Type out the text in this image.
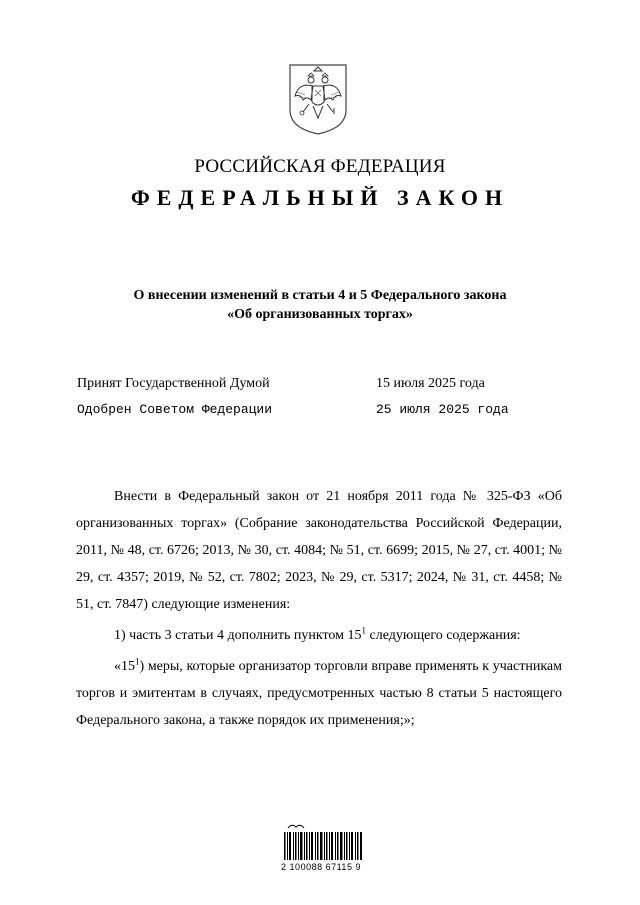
РОССИЙСКАЯ ФЕДЕРАЦИЯ
ФЕДЕРАЛЬНЫЙ ЗАКОН
О внесении изменений в статьи 4 и 5 Федерального закона
«Об организованных торгах»
Принят Государственной Думой	15 июля 2025 года
Одобрен Советом Федерации	25 июля 2025 года

Внести в Федеральный закон от 21 ноября 2011 года № 325-ФЗ «Об организованных торгах» (Собрание законодательства Российской Федерации, 2011, № 48, ст. 6726; 2013, № 30, ст. 4084; № 51, ст. 6699; 2015, № 27, ст. 4001; № 29, ст. 4357; 2019, № 52, ст. 7802; 2023, № 29, ст. 5317; 2024, № 31, ст. 4458; № 51, ст. 7847) следующие изменения:

1) часть 3 статьи 4 дополнить пунктом $15^1$ следующего содержания:

«$15^1$) меры, которые организатор торговли вправе применять к участникам торгов и эмитентам в случаях, предусмотренных частью 8 статьи 5 настоящего Федерального закона, а также порядок их применения;»;

2 100088 67115 9
